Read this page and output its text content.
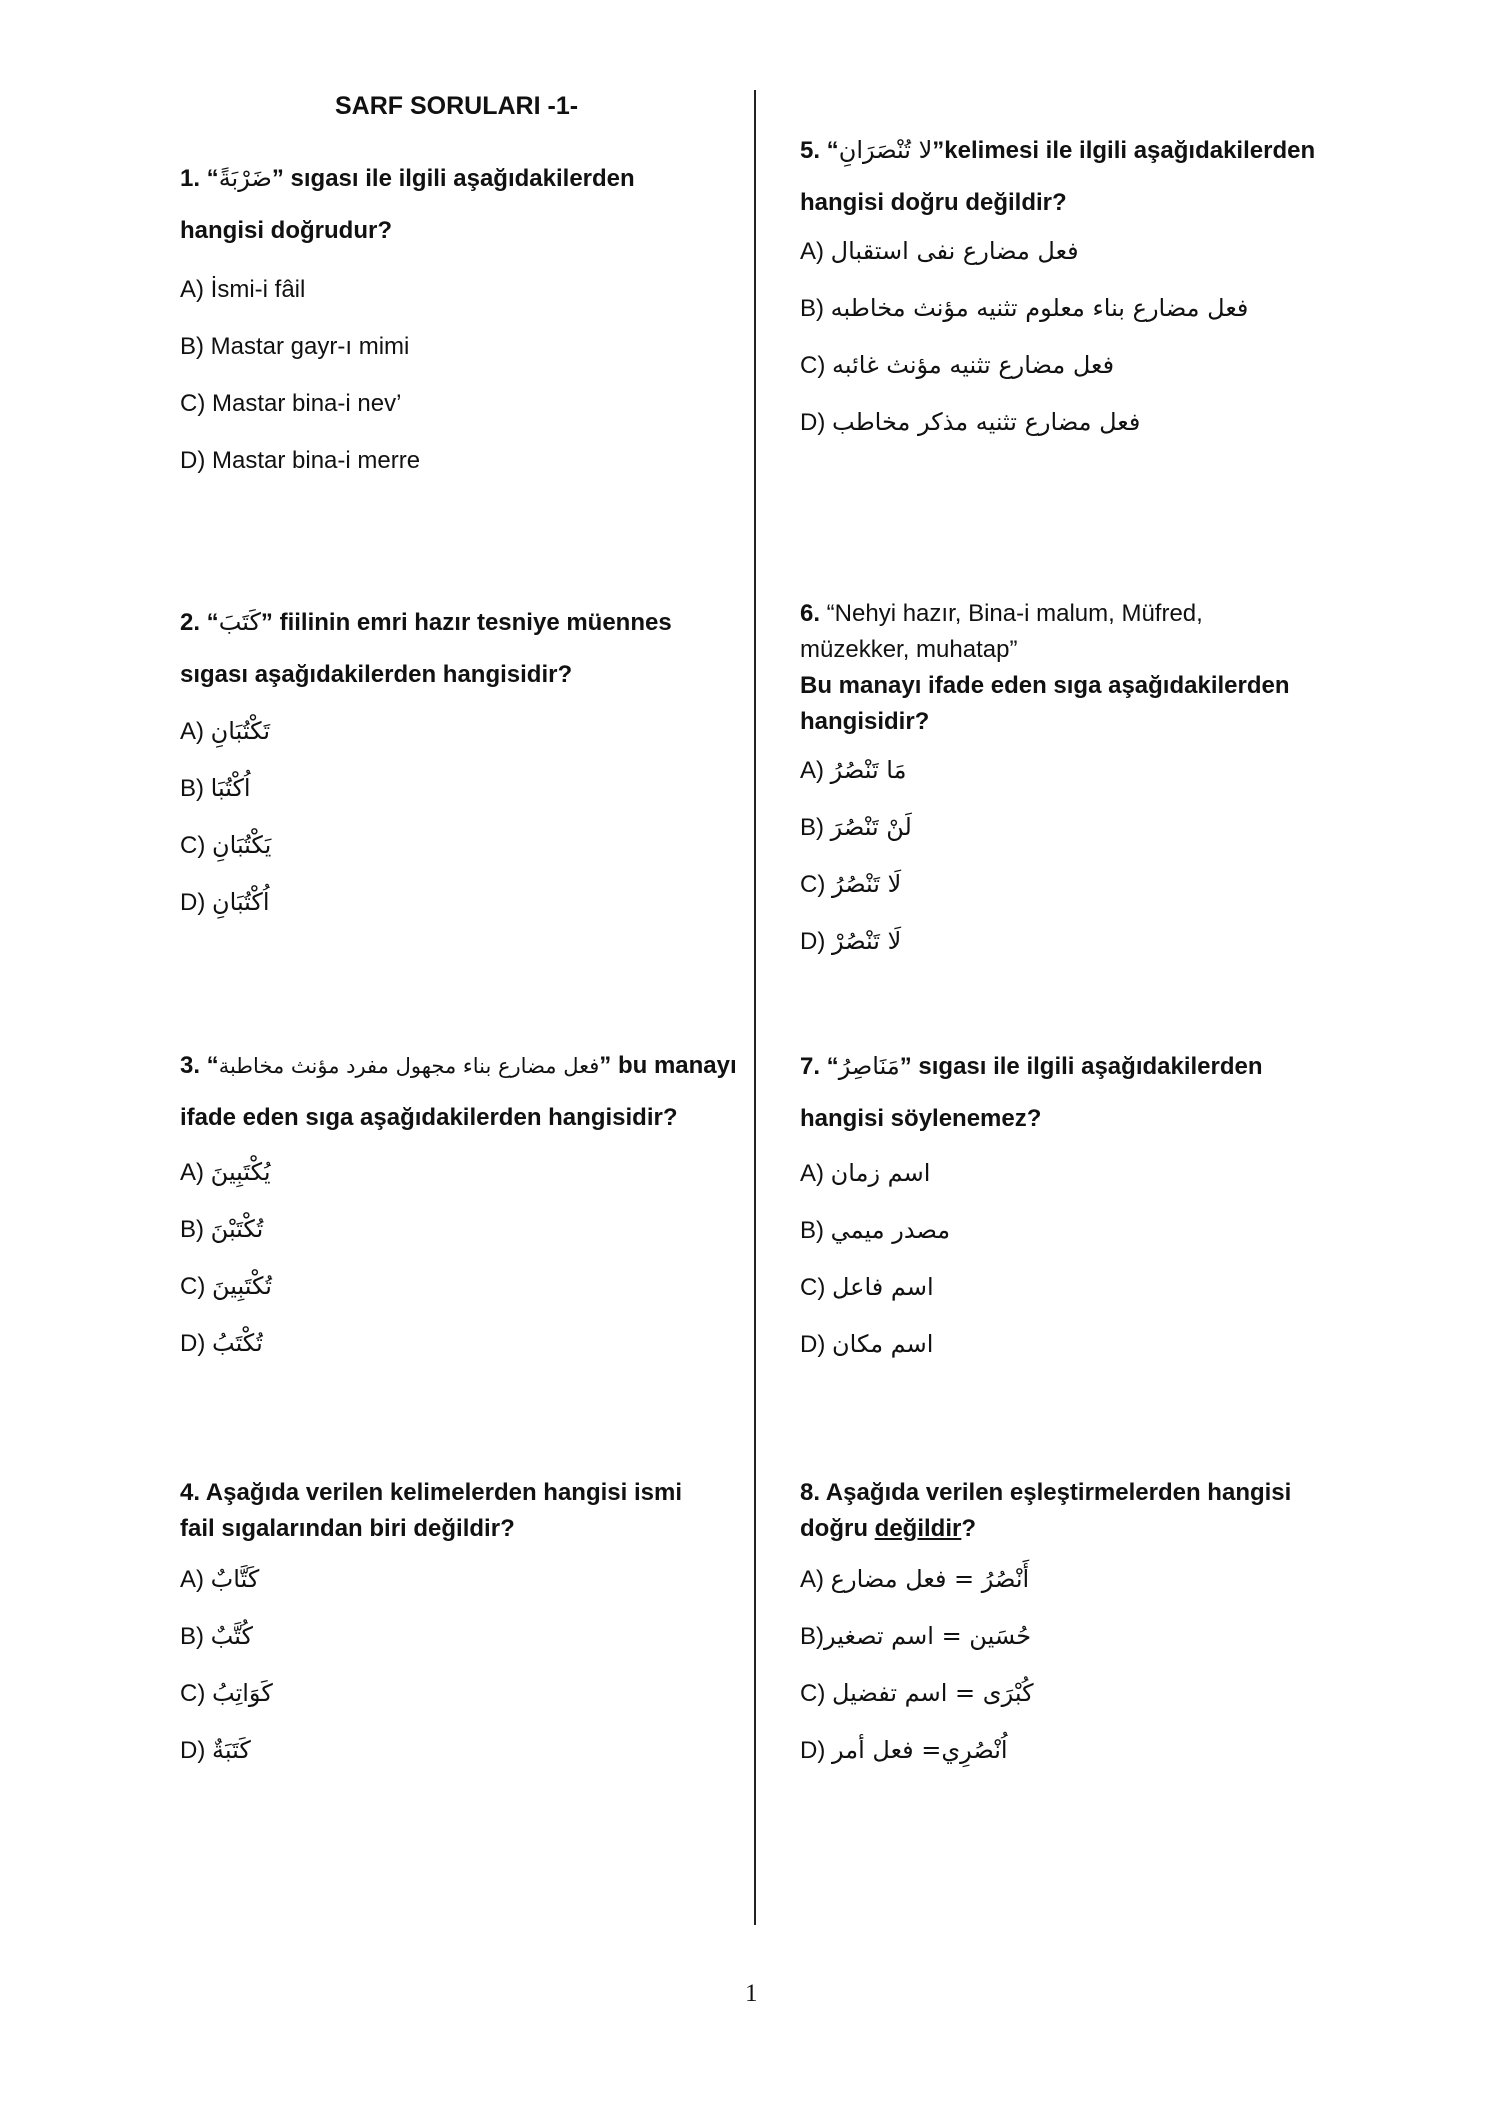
SARF SORULARI -1-
1. “ضَرْبَةً” sıgası ile ilgili aşağıdakilerden
hangisi doğrudur?
A) İsmi-i fâil
B) Mastar gayr-ı mimi
C) Mastar bina-i nev’
D) Mastar bina-i merre
2. “كَتَبَ” fiilinin emri hazır tesniye müennes
sıgası aşağıdakilerden hangisidir?
A) تَكْتُبَانِ
B) اُكْتُبَا
C) يَكْتُبَانِ
D) اُكْتُبَانِ
3. “فعل مضارع بناء مجهول مفرد مؤنث مخاطبة” bu manayı
ifade eden sıga aşağıdakilerden hangisidir?
A) يُكْتَبِينَ
B) تُكْتَبْنَ
C) تُكْتَبِينَ
D) تُكْتَبُ
4. Aşağıda verilen kelimelerden hangisi ismi
fail sıgalarından biri değildir?
A) كَتَّابٌ
B) كُتَّبٌ
C) كَوَاتِبُ
D) كَتَبَةٌ
5. “لا تُنْصَرَانِ”kelimesi ile ilgili aşağıdakilerden
hangisi doğru değildir?
A) فعل مضارع نفى استقبال
B) فعل مضارع بناء معلوم تثنيه مؤنث مخاطبه
C) فعل مضارع تثنيه مؤنث غائبه
D) فعل مضارع تثنيه مذكر مخاطب
6. “Nehyi hazır, Bina-i malum, Müfred,
müzekker, muhatap”
Bu manayı ifade eden sıga aşağıdakilerden
hangisidir?
A) مَا تَنْصُرُ
B) لَنْ تَنْصُرَ
C) لَا تَنْصُرُ
D) لَا تَنْصُرْ
7. “مَنَاصِرُ” sıgası ile ilgili aşağıdakilerden
hangisi söylenemez?
A) اسم زمان
B) مصدر ميمي
C) اسم فاعل
D) اسم مكان
8. Aşağıda verilen eşleştirmelerden hangisi
doğru değildir?
A) أَنْصُرُ = فعل مضارع
B)حُسَين = اسم تصغير
C) كُبْرَى = اسم تفضيل
D) اُنْصُرِي= فعل أمر
1
